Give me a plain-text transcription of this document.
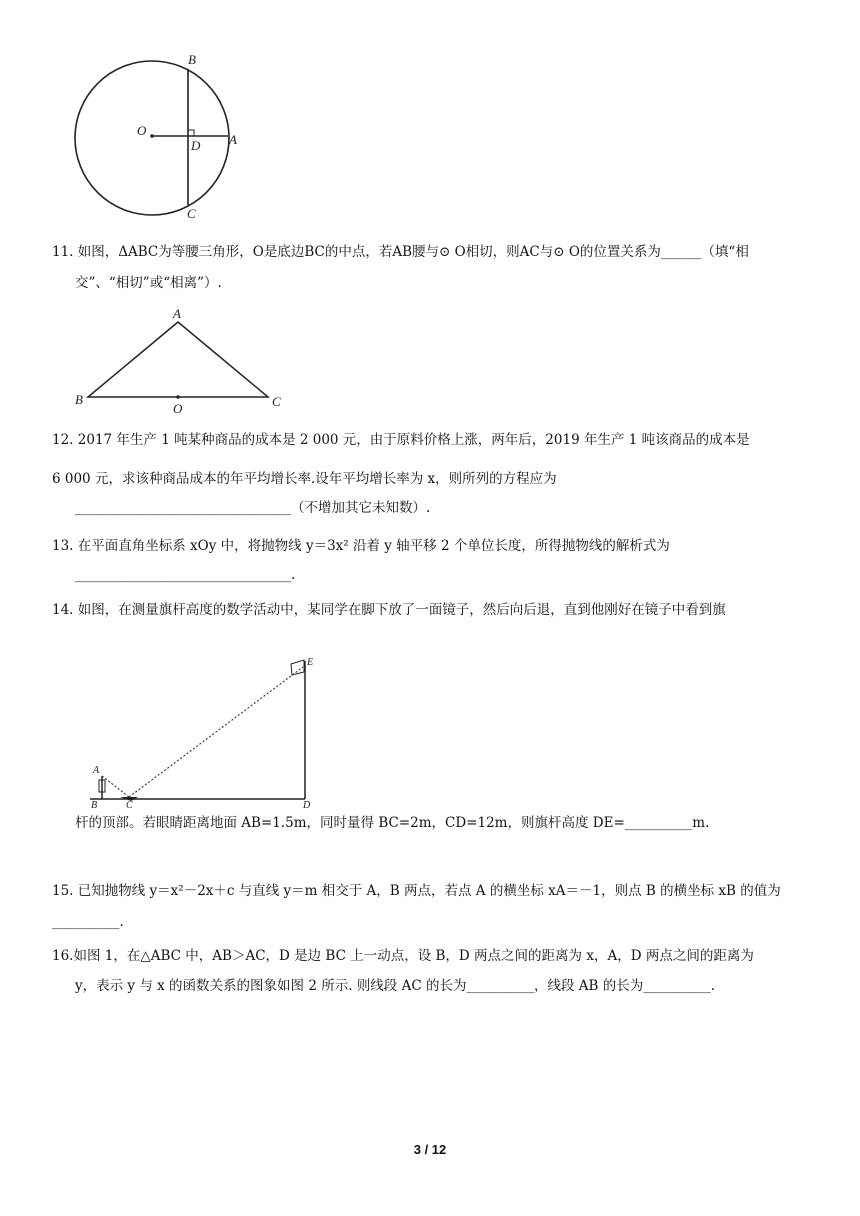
B
O
D A
C
11. 如图，ΔABC为等腰三角形，O是底边BC的中点，若AB腰与⊙ O相切，则AC与⊙ O的位置关系为______（填“相
交”、“相切”或“相离”）.
A
B
O	C
12. 2017 年生产 1 吨某种商品的成本是 2 000 元，由于原料价格上涨，两年后，2019 年生产 1 吨该商品的成本是
6 000 元，求该种商品成本的年平均增长率.设年平均增长率为 x，则所列的方程应为
________________________________（不增加其它未知数）.
13. 在平面直角坐标系 xOy 中，将抛物线 y＝3x² 沿着 y 轴平移 2 个单位长度，所得抛物线的解析式为
________________________________.
14. 如图，在测量旗杆高度的数学活动中，某同学在脚下放了一面镜子，然后向后退，直到他刚好在镜子中看到旗
E
A
B	C	D
杆的顶部。若眼睛距离地面 AB=1.5m，同时量得 BC=2m，CD=12m，则旗杆高度 DE=__________m.
15. 已知抛物线 y＝x²－2x＋c 与直线 y＝m 相交于 A，B 两点，若点 A 的横坐标 xA＝－1，则点 B 的横坐标 xB 的值为
__________.
16.如图 1，在△ABC 中，AB＞AC，D 是边 BC 上一动点，设 B，D 两点之间的距离为 x，A，D 两点之间的距离为
y，表示 y 与 x 的函数关系的图象如图 2 所示. 则线段 AC 的长为__________，线段 AB 的长为__________.
3 / 12
